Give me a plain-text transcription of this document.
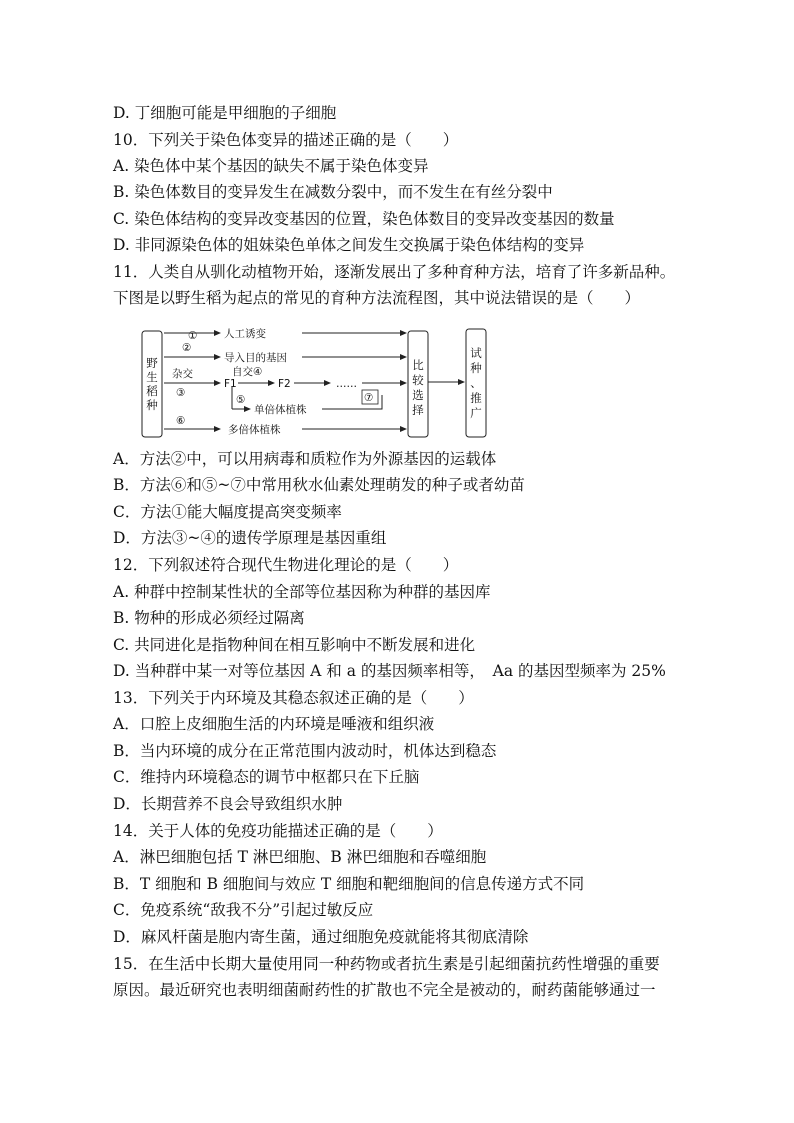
D. 丁细胞可能是甲细胞的子细胞
10．下列关于染色体变异的描述正确的是（　　）
A. 染色体中某个基因的缺失不属于染色体变异
B. 染色体数目的变异发生在减数分裂中，而不发生在有丝分裂中
C. 染色体结构的变异改变基因的位置，染色体数目的变异改变基因的数量
D. 非同源染色体的姐妹染色单体之间发生交换属于染色体结构的变异
11．人类自从驯化动植物开始，逐渐发展出了多种育种方法，培育了许多新品种。
下图是以野生稻为起点的常见的育种方法流程图，其中说法错误的是（　　）
野
生
稻
种
比
较
选
择
试
种
、
推
广
①	人工诱变
②
导入目的基因
杂交
③
F1
自交④
F2	……
⑤
单倍体植株
⑦
⑥
多倍体植株
A．方法②中，可以用病毒和质粒作为外源基因的运载体
B．方法⑥和⑤~⑦中常用秋水仙素处理萌发的种子或者幼苗
C．方法①能大幅度提高突变频率
D．方法③~④的遗传学原理是基因重组
12．下列叙述符合现代生物进化理论的是（　　）
A. 种群中控制某性状的全部等位基因称为种群的基因库
B. 物种的形成必须经过隔离
C. 共同进化是指物种间在相互影响中不断发展和进化
D. 当种群中某一对等位基因 A 和 a 的基因频率相等，　Aa 的基因型频率为 25%
13．下列关于内环境及其稳态叙述正确的是（　　）
A．口腔上皮细胞生活的内环境是唾液和组织液
B．当内环境的成分在正常范围内波动时，机体达到稳态
C．维持内环境稳态的调节中枢都只在下丘脑
D．长期营养不良会导致组织水肿
14．关于人体的免疫功能描述正确的是（　　）
A．淋巴细胞包括 T 淋巴细胞、B 淋巴细胞和吞噬细胞
B．T 细胞和 B 细胞间与效应 T 细胞和靶细胞间的信息传递方式不同
C．免疫系统“敌我不分”引起过敏反应
D．麻风杆菌是胞内寄生菌，通过细胞免疫就能将其彻底清除
15．在生活中长期大量使用同一种药物或者抗生素是引起细菌抗药性增强的重要
原因。最近研究也表明细菌耐药性的扩散也不完全是被动的，耐药菌能够通过一
